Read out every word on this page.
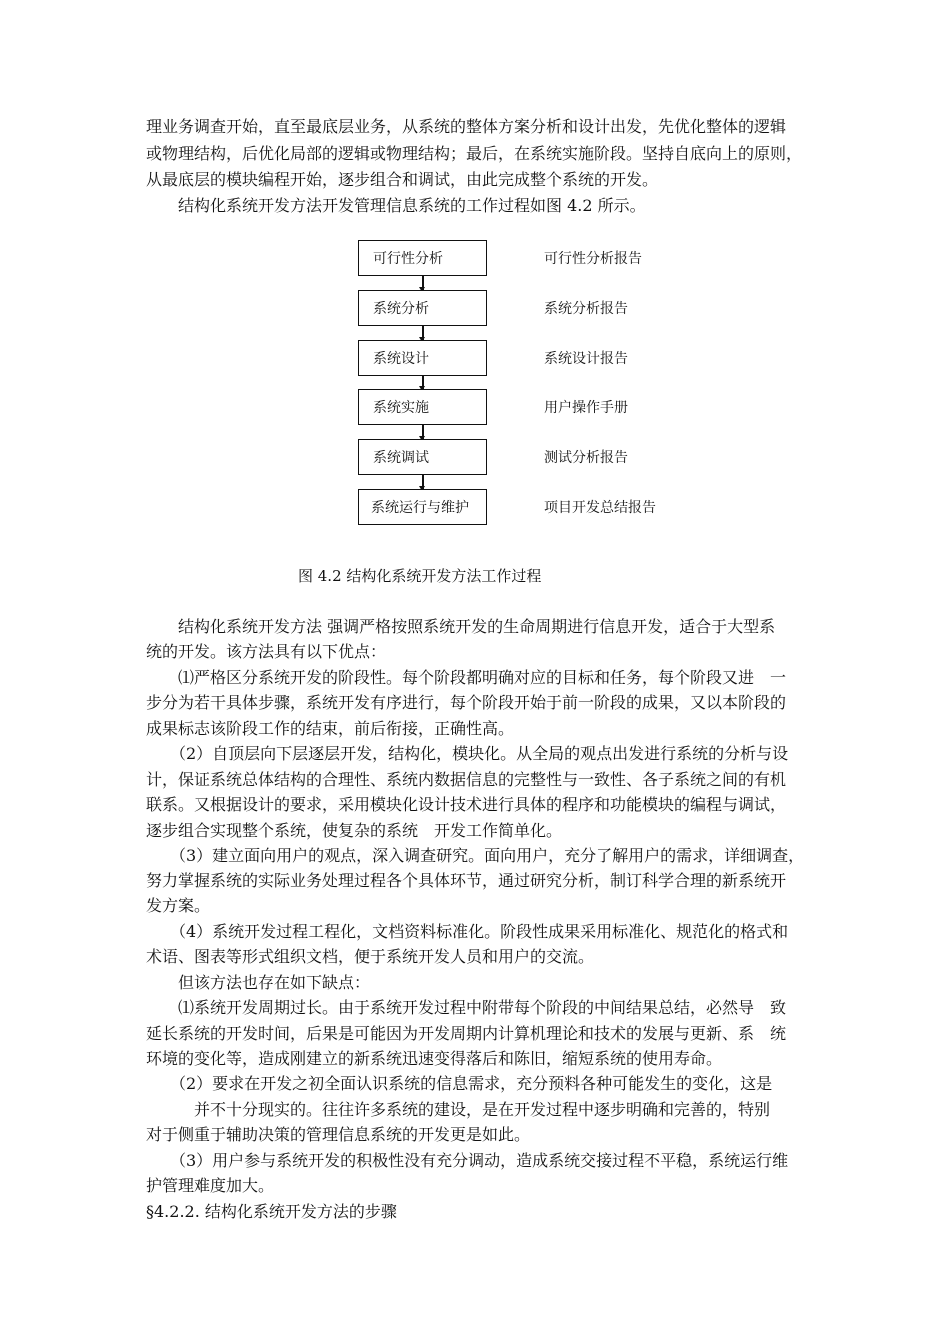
理业务调查开始，直至最底层业务，从系统的整体方案分析和设计出发，先优化整体的逻辑
或物理结构，后优化局部的逻辑或物理结构；最后，在系统实施阶段。坚持自底向上的原则，
从最底层的模块编程开始，逐步组合和调试，由此完成整个系统的开发。
　　结构化系统开发方法开发管理信息系统的工作过程如图 4.2 所示。
可行性分析
系统分析
系统设计
系统实施
系统调试
系统运行与维护
可行性分析报告
系统分析报告
系统设计报告
用户操作手册
测试分析报告
项目开发总结报告
图 4.2 结构化系统开发方法工作过程
　　结构化系统开发方法 强调严格按照系统开发的生命周期进行信息开发，适合于大型系
统的开发。该方法具有以下优点：
　　⑴严格区分系统开发的阶段性。每个阶段都明确对应的目标和任务，每个阶段又进　一
步分为若干具体步骤，系统开发有序进行，每个阶段开始于前一阶段的成果，又以本阶段的
成果标志该阶段工作的结束，前后衔接，正确性高。
　　（2）自顶层向下层逐层开发，结构化，模块化。从全局的观点出发进行系统的分析与设
计，保证系统总体结构的合理性、系统内数据信息的完整性与一致性、各子系统之间的有机
联系。又根据设计的要求，采用模块化设计技术进行具体的程序和功能模块的编程与调试，
逐步组合实现整个系统，使复杂的系统　开发工作简单化。
　　（3）建立面向用户的观点，深入调查研究。面向用户，充分了解用户的需求，详细调查，
努力掌握系统的实际业务处理过程各个具体环节，通过研究分析，制订科学合理的新系统开
发方案。
　　（4）系统开发过程工程化，文档资料标准化。阶段性成果采用标准化、规范化的格式和
术语、图表等形式组织文档，便于系统开发人员和用户的交流。
　　但该方法也存在如下缺点：
　　⑴系统开发周期过长。由于系统开发过程中附带每个阶段的中间结果总结，必然导　致
延长系统的开发时间，后果是可能因为开发周期内计算机理论和技术的发展与更新、系　统
环境的变化等，造成刚建立的新系统迅速变得落后和陈旧，缩短系统的使用寿命。
　　（2）要求在开发之初全面认识系统的信息需求，充分预料各种可能发生的变化，这是
　　　并不十分现实的。往往许多系统的建设，是在开发过程中逐步明确和完善的，特别
对于侧重于辅助决策的管理信息系统的开发更是如此。
　　（3）用户参与系统开发的积极性没有充分调动，造成系统交接过程不平稳，系统运行维
护管理难度加大。
§4.2.2. 结构化系统开发方法的步骤
